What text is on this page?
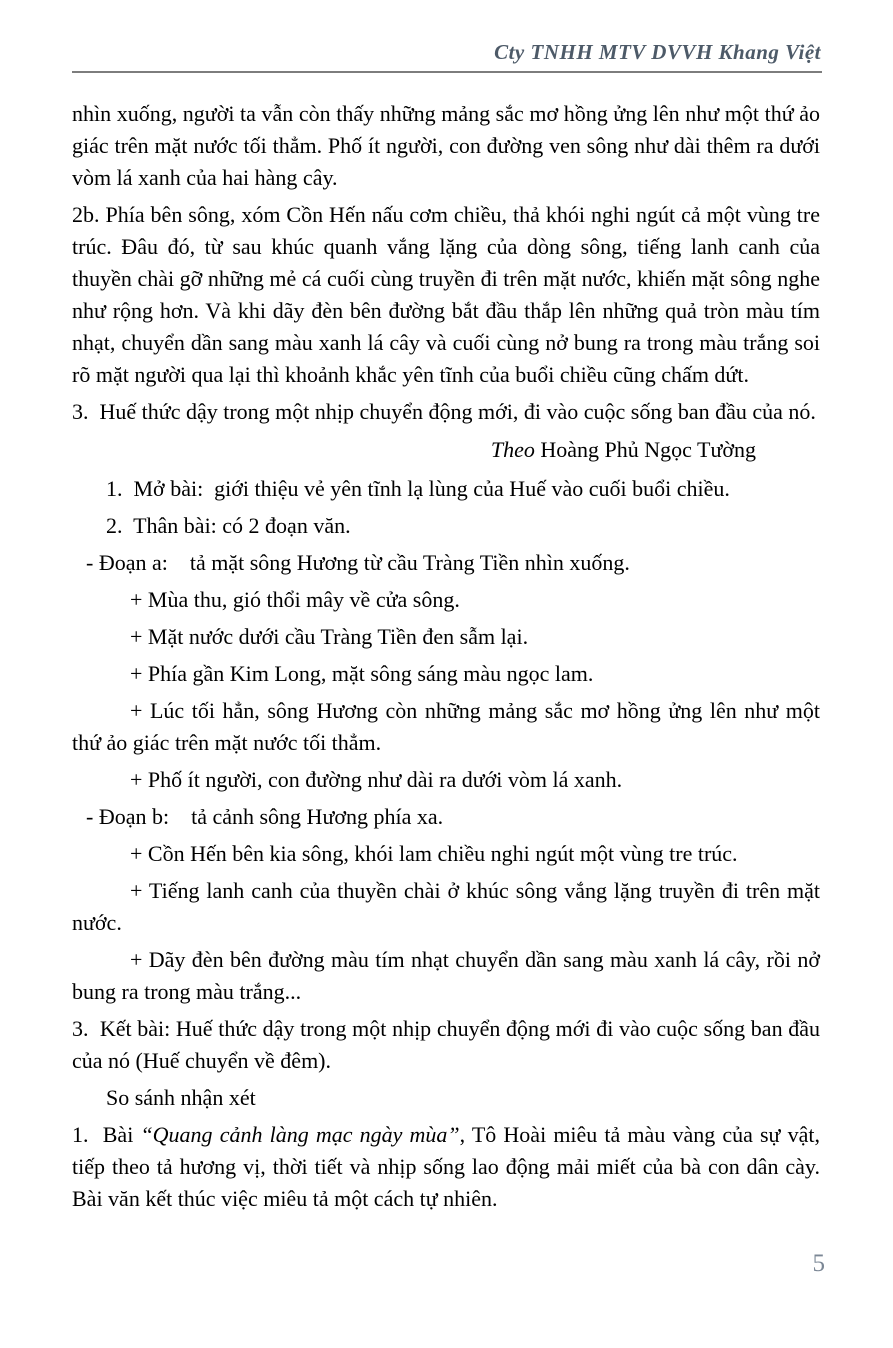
Cty TNHH MTV DVVH Khang Việt
nhìn xuống, người ta vẫn còn thấy những mảng sắc mơ hồng ửng lên như một thứ ảo giác trên mặt nước tối thẳm. Phố ít người, con đường ven sông như dài thêm ra dưới vòm lá xanh của hai hàng cây.
2b. Phía bên sông, xóm Cồn Hến nấu cơm chiều, thả khói nghi ngút cả một vùng tre trúc. Đâu đó, từ sau khúc quanh vắng lặng của dòng sông, tiếng lanh canh của thuyền chài gỡ những mẻ cá cuối cùng truyền đi trên mặt nước, khiến mặt sông nghe như rộng hơn. Và khi dãy đèn bên đường bắt đầu thắp lên những quả tròn màu tím nhạt, chuyển dần sang màu xanh lá cây và cuối cùng nở bung ra trong màu trắng soi rõ mặt người qua lại thì khoảnh khắc yên tĩnh của buổi chiều cũng chấm dứt.
3.  Huế thức dậy trong một nhịp chuyển động mới, đi vào cuộc sống ban đầu của nó.
Theo Hoàng Phủ Ngọc Tường
1.  Mở bài:  giới thiệu vẻ yên tĩnh lạ lùng của Huế vào cuối buổi chiều.
2.  Thân bài: có 2 đoạn văn.
- Đoạn a:    tả mặt sông Hương từ cầu Tràng Tiền nhìn xuống.
+ Mùa thu, gió thổi mây về cửa sông.
+ Mặt nước dưới cầu Tràng Tiền đen sẫm lại.
+ Phía gần Kim Long, mặt sông sáng màu ngọc lam.
+ Lúc tối hẳn, sông Hương còn những mảng sắc mơ hồng ửng lên như một thứ ảo giác trên mặt nước tối thẳm.
+ Phố ít người, con đường như dài ra dưới vòm lá xanh.
- Đoạn b:    tả cảnh sông Hương phía xa.
+ Cồn Hến bên kia sông, khói lam chiều nghi ngút một vùng tre trúc.
+ Tiếng lanh canh của thuyền chài ở khúc sông vắng lặng truyền đi trên mặt nước.
+ Dãy đèn bên đường màu tím nhạt chuyển dần sang màu xanh lá cây, rồi nở bung ra trong màu trắng...
3.  Kết bài: Huế thức dậy trong một nhịp chuyển động mới đi vào cuộc sống ban đầu của nó (Huế chuyển về đêm).
So sánh nhận xét
1.  Bài “Quang cảnh làng mạc ngày mùa”, Tô Hoài miêu tả màu vàng của sự vật, tiếp theo tả hương vị, thời tiết và nhịp sống lao động mải miết của bà con dân cày. Bài văn kết thúc việc miêu tả một cách tự nhiên.
5
